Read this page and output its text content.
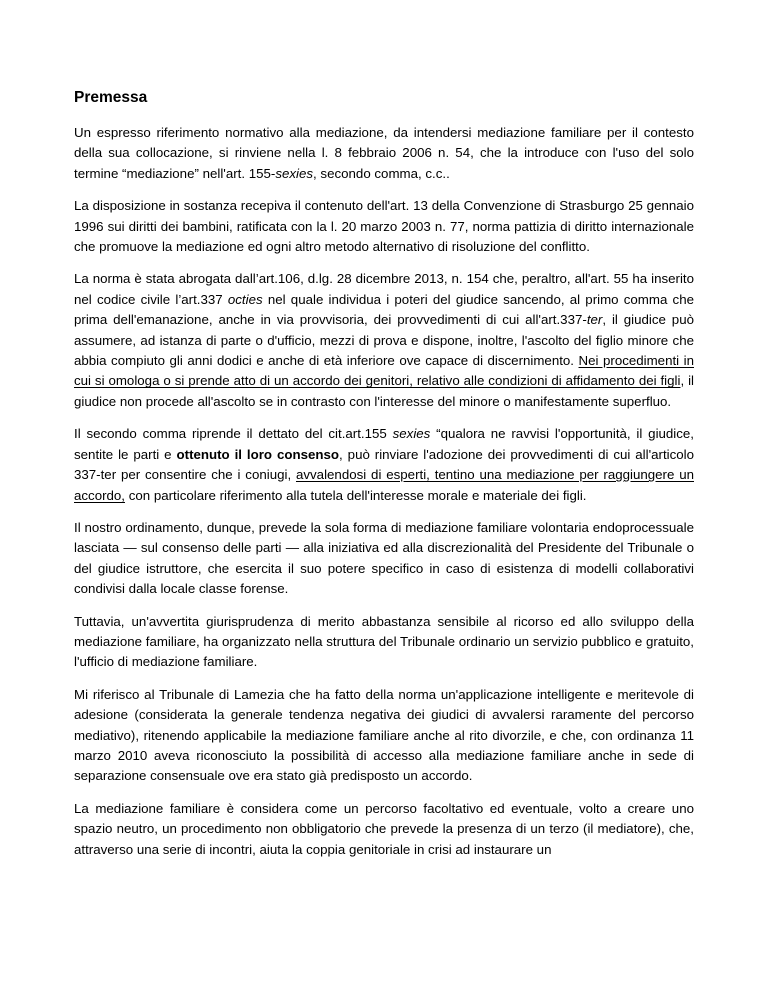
Premessa

Un espresso riferimento normativo alla mediazione, da intendersi mediazione familiare per il contesto della sua collocazione, si rinviene nella l. 8 febbraio 2006 n. 54, che la introduce con l'uso del solo termine “mediazione” nell'art. 155-sexies, secondo comma, c.c..

La disposizione in sostanza recepiva il contenuto dell'art. 13 della Convenzione di Strasburgo 25 gennaio 1996 sui diritti dei bambini, ratificata con la l. 20 marzo 2003 n. 77, norma pattizia di diritto internazionale che promuove la mediazione ed ogni altro metodo alternativo di risoluzione del conflitto.

La norma è stata abrogata dall’art.106, d.lg. 28 dicembre 2013, n. 154 che, peraltro, all'art. 55 ha inserito nel codice civile l’art.337 octies nel quale individua i poteri del giudice sancendo, al primo comma che prima dell'emanazione, anche in via provvisoria, dei provvedimenti di cui all'art.337-ter, il giudice può assumere, ad istanza di parte o d'ufficio, mezzi di prova e dispone, inoltre, l'ascolto del figlio minore che abbia compiuto gli anni dodici e anche di età inferiore ove capace di discernimento. Nei procedimenti in cui si omologa o si prende atto di un accordo dei genitori, relativo alle condizioni di affidamento dei figli, il giudice non procede all'ascolto se in contrasto con l'interesse del minore o manifestamente superfluo.

Il secondo comma riprende il dettato del cit.art.155 sexies “qualora ne ravvisi l'opportunità, il giudice, sentite le parti e ottenuto il loro consenso, può rinviare l'adozione dei provvedimenti di cui all'articolo 337-ter per consentire che i coniugi, avvalendosi di esperti, tentino una mediazione per raggiungere un accordo, con particolare riferimento alla tutela dell'interesse morale e materiale dei figli.

Il nostro ordinamento, dunque, prevede la sola forma di mediazione familiare volontaria endoprocessuale lasciata — sul consenso delle parti — alla iniziativa ed alla discrezionalità del Presidente del Tribunale o del giudice istruttore, che esercita il suo potere specifico in caso di esistenza di modelli collaborativi condivisi dalla locale classe forense.

Tuttavia, un'avvertita giurisprudenza di merito abbastanza sensibile al ricorso ed allo sviluppo della mediazione familiare, ha organizzato nella struttura del Tribunale ordinario un servizio pubblico e gratuito, l'ufficio di mediazione familiare.

Mi riferisco al Tribunale di Lamezia che ha fatto della norma un'applicazione intelligente e meritevole di adesione (considerata la generale tendenza negativa dei giudici di avvalersi raramente del percorso mediativo), ritenendo applicabile la mediazione familiare anche al rito divorzile, e che, con ordinanza 11 marzo 2010 aveva riconosciuto la possibilità di accesso alla mediazione familiare anche in sede di separazione consensuale ove era stato già predisposto un accordo.

La mediazione familiare è considera come un percorso facoltativo ed eventuale, volto a creare uno spazio neutro, un procedimento non obbligatorio che prevede la presenza di un terzo (il mediatore), che, attraverso una serie di incontri, aiuta la coppia genitoriale in crisi ad instaurare un
